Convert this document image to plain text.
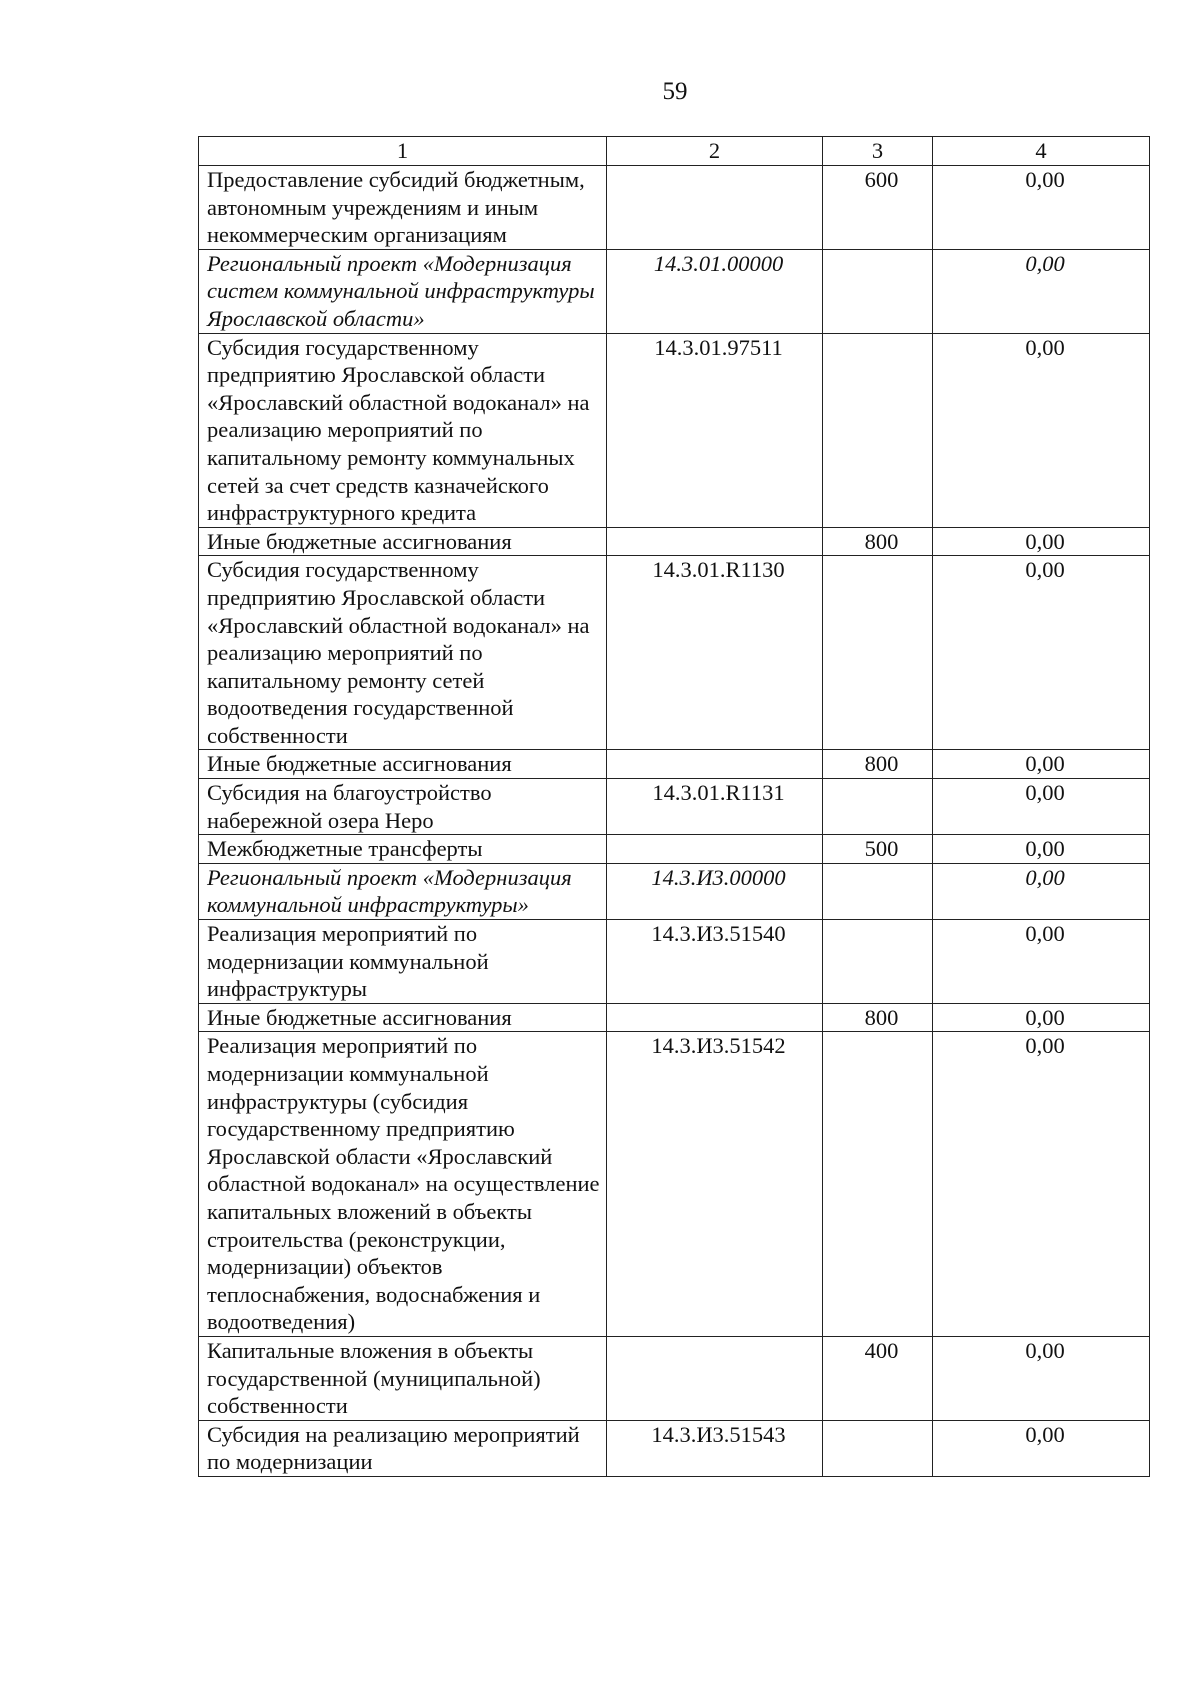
59
1	2	3	4
Предоставление субсидий бюджетным, автономным учреждениям и иным некоммерческим организациям		600	0,00
Региональный проект «Модернизация систем коммунальной инфраструктуры Ярославской области»	14.3.01.00000		0,00
Субсидия государственному предприятию Ярославской области «Ярославский областной водоканал» на реализацию мероприятий по капитальному ремонту коммунальных сетей за счет средств казначейского инфраструктурного кредита	14.3.01.97511		0,00
Иные бюджетные ассигнования		800	0,00
Субсидия государственному предприятию Ярославской области «Ярославский областной водоканал» на реализацию мероприятий по капитальному ремонту сетей водоотведения государственной собственности	14.3.01.R1130		0,00
Иные бюджетные ассигнования		800	0,00
Субсидия на благоустройство набережной озера Неро	14.3.01.R1131		0,00
Межбюджетные трансферты		500	0,00
Региональный проект «Модернизация коммунальной инфраструктуры»	14.3.И3.00000		0,00
Реализация мероприятий по модернизации коммунальной инфраструктуры	14.3.И3.51540		0,00
Иные бюджетные ассигнования		800	0,00
Реализация мероприятий по модернизации коммунальной инфраструктуры (субсидия государственному предприятию Ярославской области «Ярославский областной водоканал» на осуществление капитальных вложений в объекты строительства (реконструкции, модернизации) объектов теплоснабжения, водоснабжения и водоотведения)	14.3.И3.51542		0,00
Капитальные вложения в объекты государственной (муниципальной) собственности		400	0,00
Субсидия на реализацию мероприятий по модернизации	14.3.И3.51543		0,00
